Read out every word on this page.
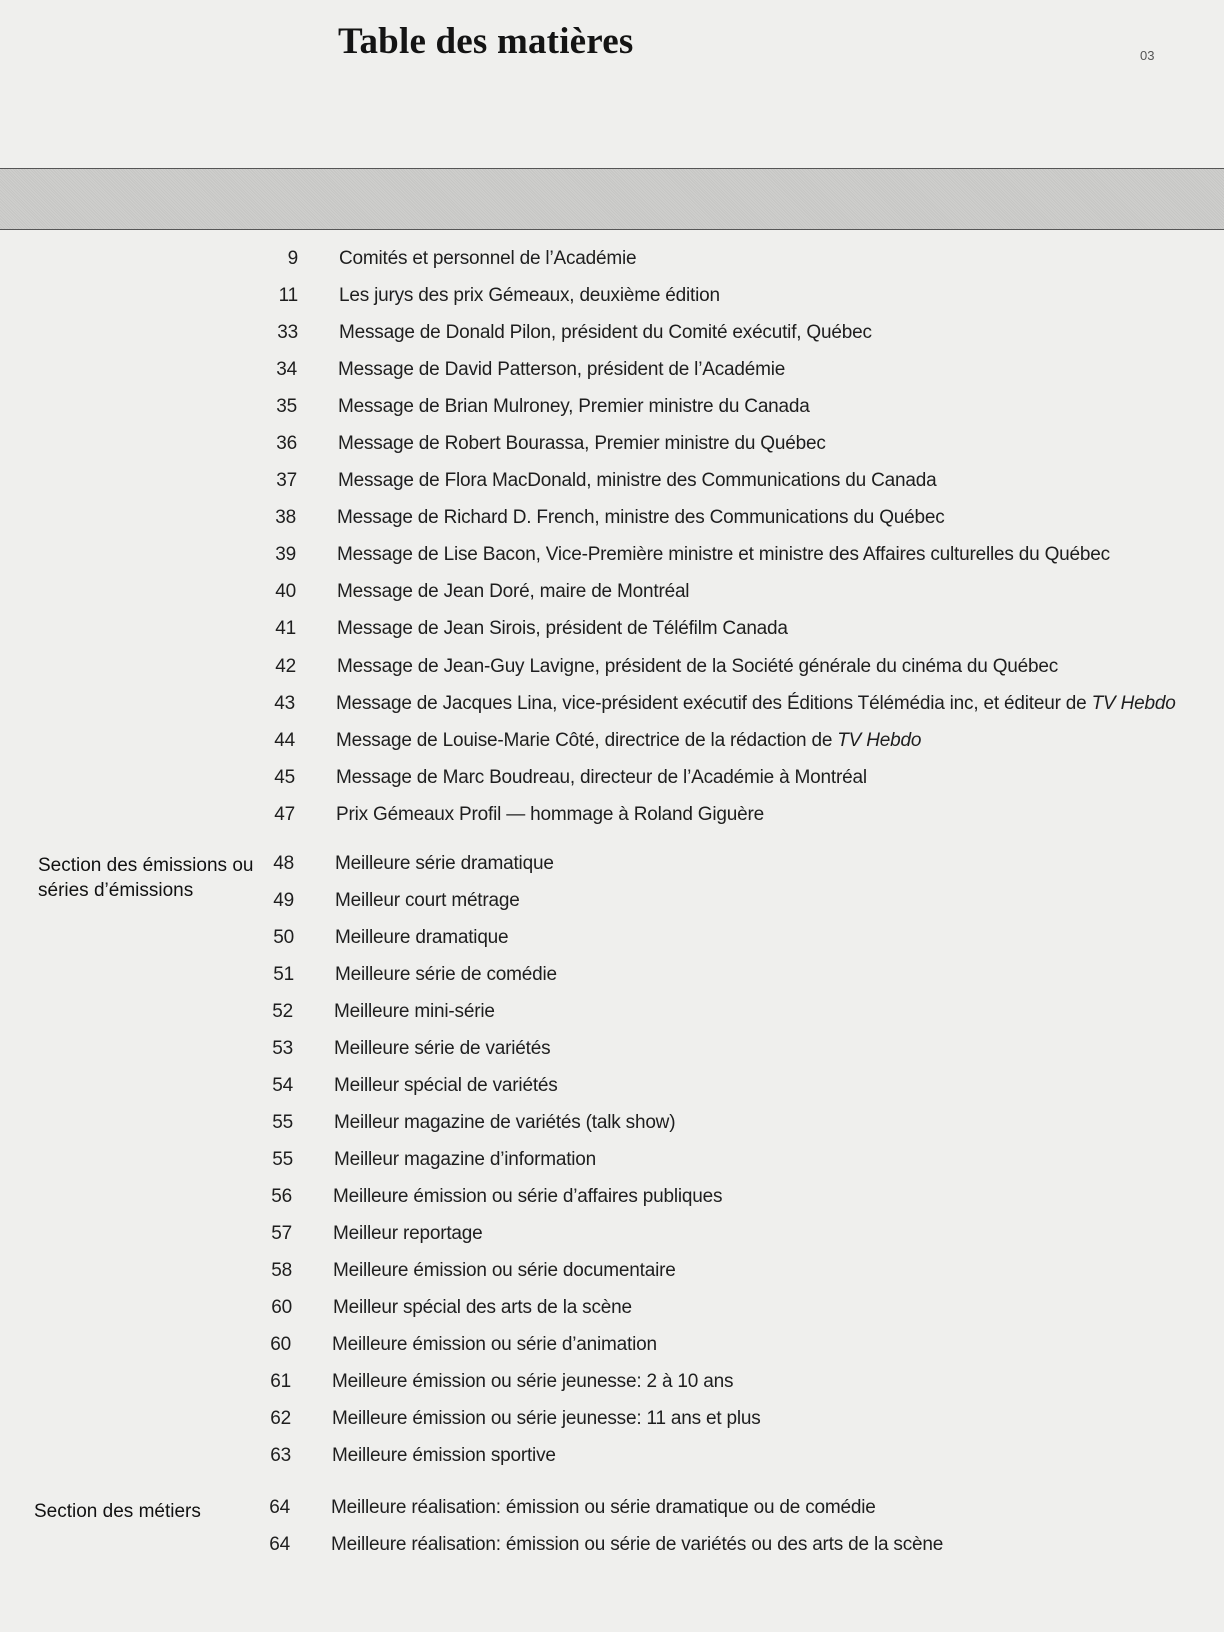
Table des matières	03

Section des émissions ou séries d’émissions

Section des métiers

9 Comités et personnel de l’Académie
11 Les jurys des prix Gémeaux, deuxième édition
33 Message de Donald Pilon, président du Comité exécutif, Québec
34 Message de David Patterson, président de l’Académie
35 Message de Brian Mulroney, Premier ministre du Canada
36 Message de Robert Bourassa, Premier ministre du Québec
37 Message de Flora MacDonald, ministre des Communications du Canada
38 Message de Richard D. French, ministre des Communications du Québec
39 Message de Lise Bacon, Vice-Première ministre et ministre des Affaires culturelles du Québec
40 Message de Jean Doré, maire de Montréal
41 Message de Jean Sirois, président de Téléfilm Canada
42 Message de Jean-Guy Lavigne, président de la Société générale du cinéma du Québec
43 Message de Jacques Lina, vice-président exécutif des Éditions Télémédia inc, et éditeur de TV Hebdo
44 Message de Louise-Marie Côté, directrice de la rédaction de TV Hebdo
45 Message de Marc Boudreau, directeur de l’Académie à Montréal
47 Prix Gémeaux Profil — hommage à Roland Giguère
48 Meilleure série dramatique
49 Meilleur court métrage
50 Meilleure dramatique
51 Meilleure série de comédie
52 Meilleure mini-série
53 Meilleure série de variétés
54 Meilleur spécial de variétés
55 Meilleur magazine de variétés (talk show)
55 Meilleur magazine d’information
56 Meilleure émission ou série d’affaires publiques
57 Meilleur reportage
58 Meilleure émission ou série documentaire
60 Meilleur spécial des arts de la scène
60 Meilleure émission ou série d’animation
61 Meilleure émission ou série jeunesse: 2 à 10 ans
62 Meilleure émission ou série jeunesse: 11 ans et plus
63 Meilleure émission sportive
64 Meilleure réalisation: émission ou série dramatique ou de comédie
64 Meilleure réalisation: émission ou série de variétés ou des arts de la scène
